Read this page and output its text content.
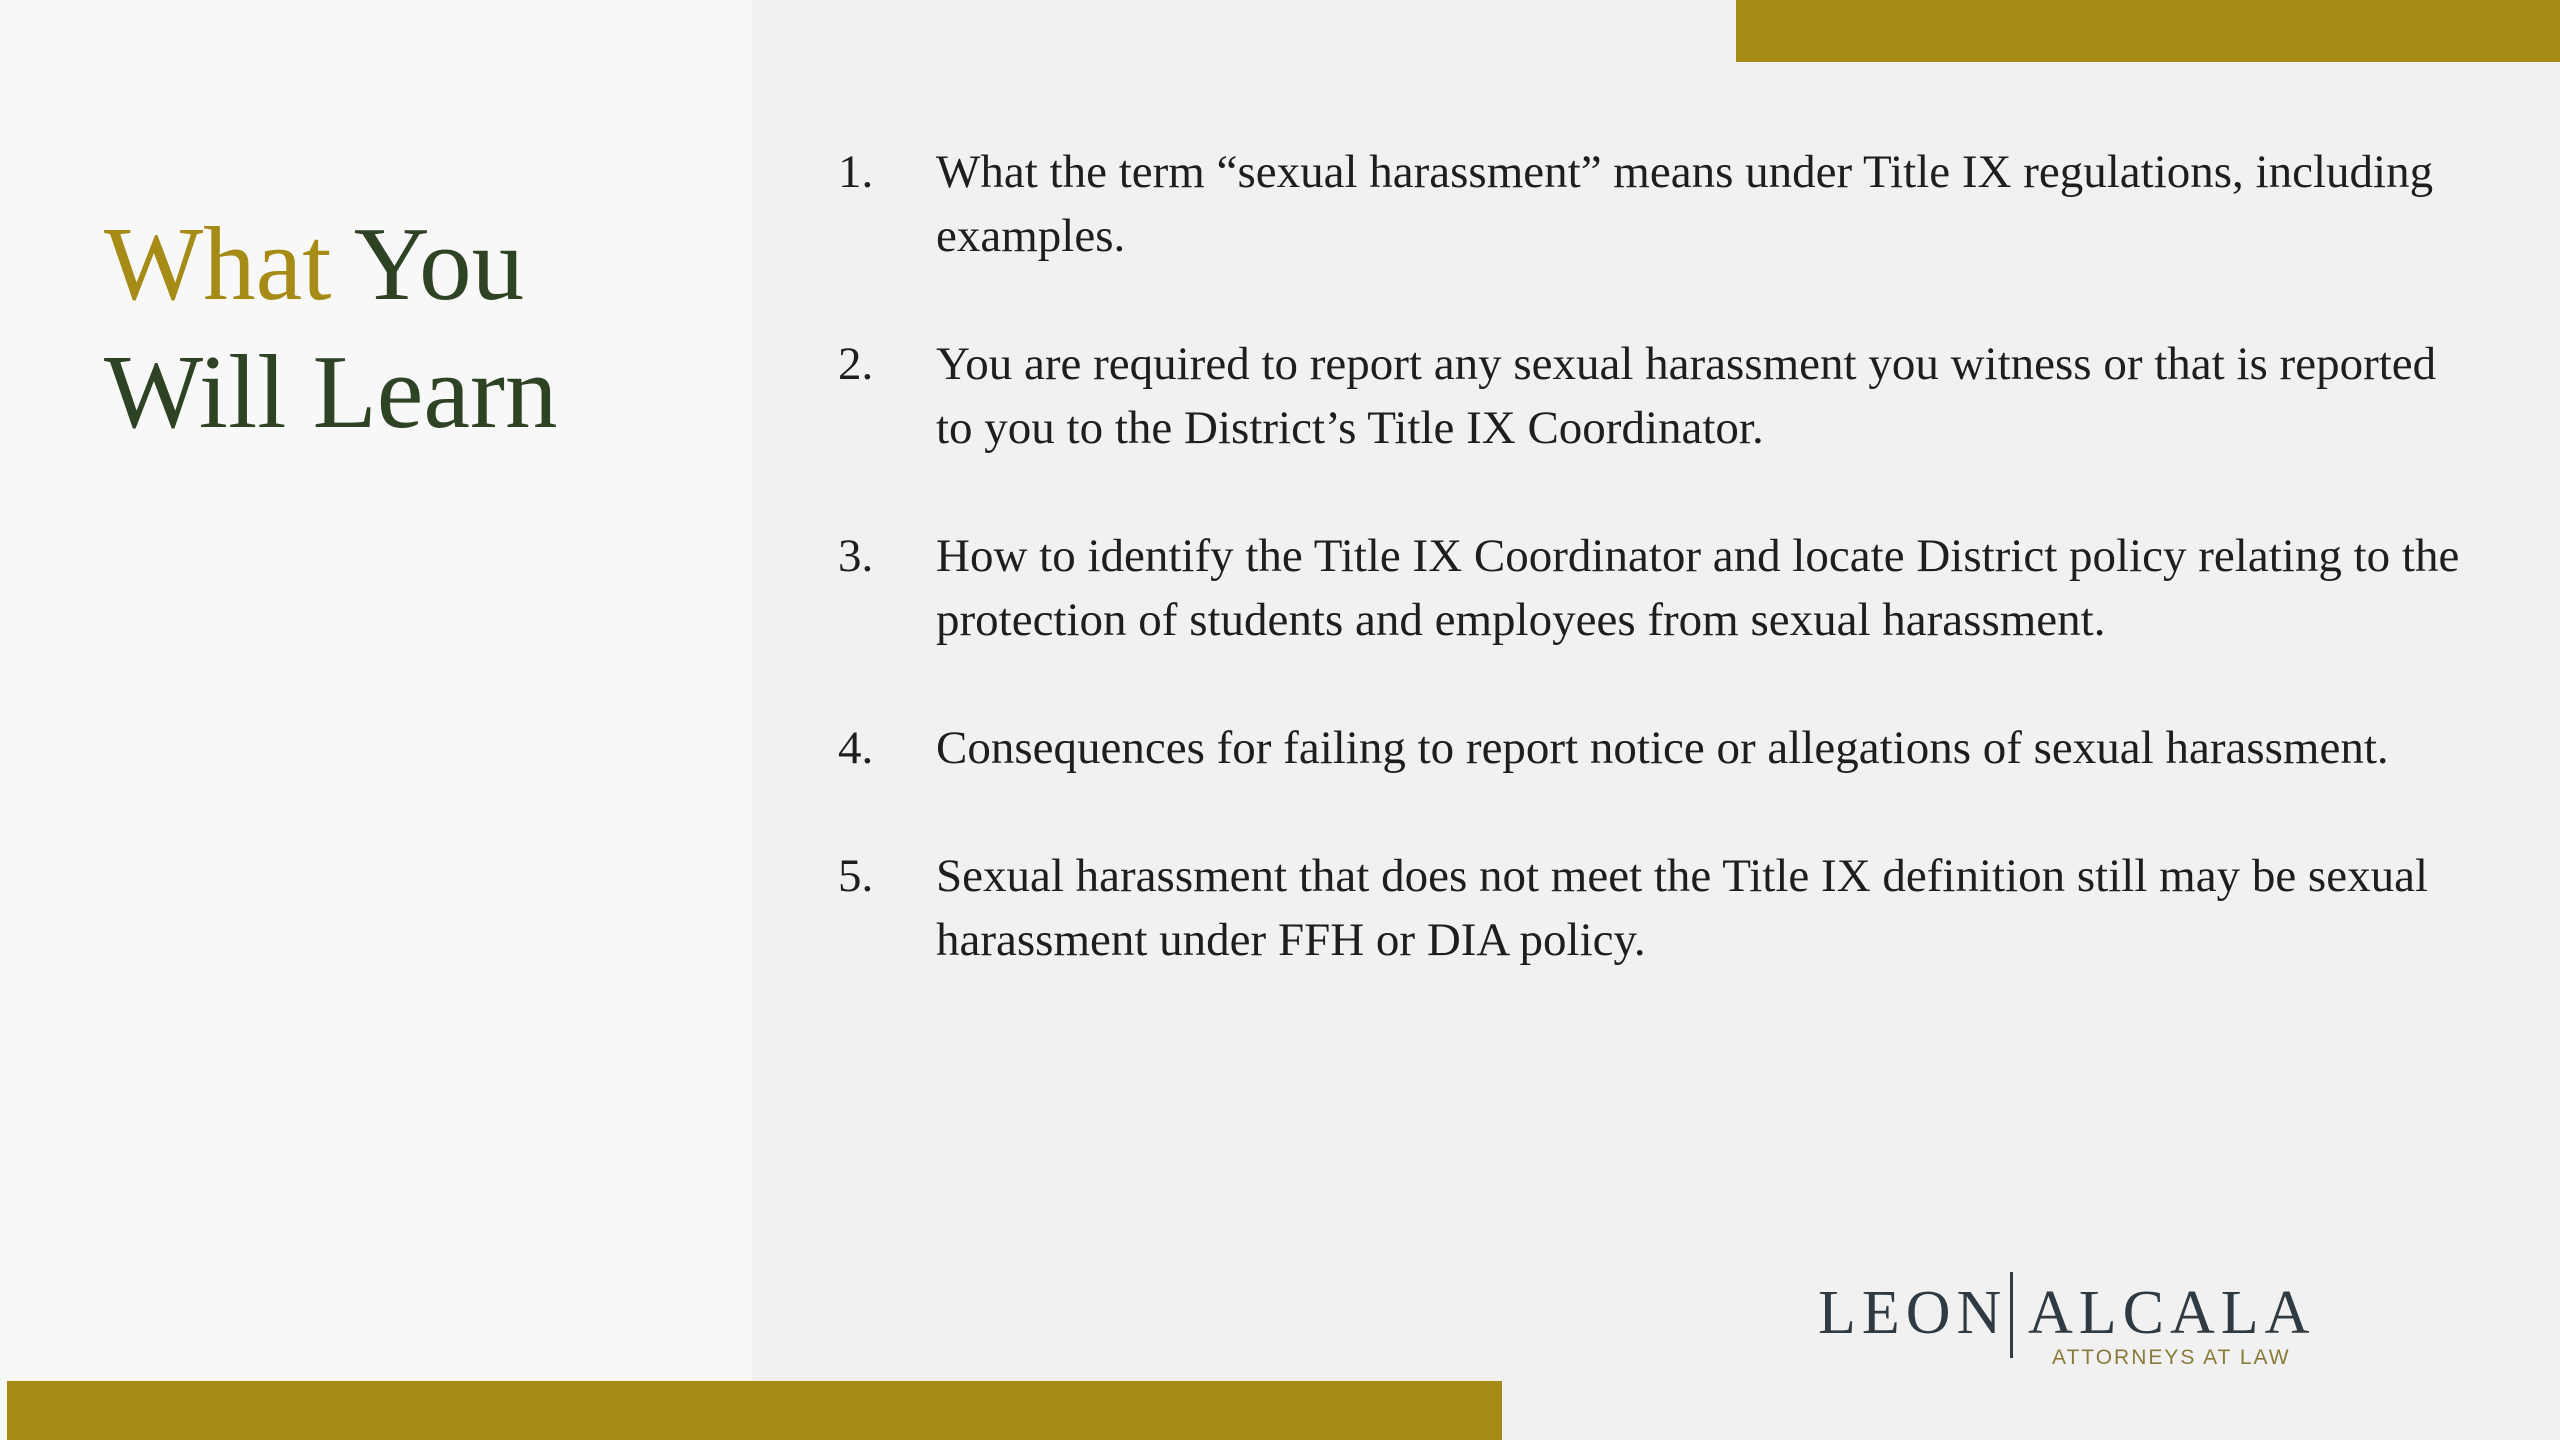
What You
Will Learn
1.	What the term “sexual harassment” means under Title IX regulations, including examples.
2.	You are required to report any sexual harassment you witness or that is reported to you to the District’s Title IX Coordinator.
3.	How to identify the Title IX Coordinator and locate District policy relating to the protection of students and employees from sexual harassment.
4.	Consequences for failing to report notice or allegations of sexual harassment.
5.	Sexual harassment that does not meet the Title IX definition still may be sexual harassment under FFH or DIA policy.
LEON ALCALA
ATTORNEYS AT LAW
